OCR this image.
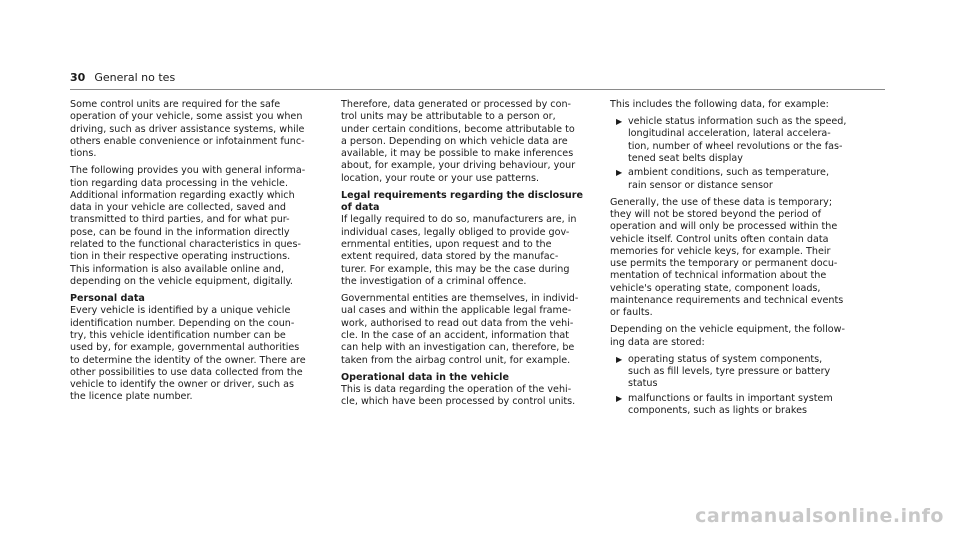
30 General no tes

Some control units are required for the safe
operation of your vehicle, some assist you when
driving, such as driver assistance systems, while
others enable convenience or infotainment func-
tions.

The following provides you with general informa-
tion regarding data processing in the vehicle.
Additional information regarding exactly which
data in your vehicle are collected, saved and
transmitted to third parties, and for what pur-
pose, can be found in the information directly
related to the functional characteristics in ques-
tion in their respective operating instructions.
This information is also available online and,
depending on the vehicle equipment, digitally.

Personal data

Every vehicle is identified by a unique vehicle
identification number. Depending on the coun-
try, this vehicle identification number can be
used by, for example, governmental authorities
to determine the identity of the owner. There are
other possibilities to use data collected from the
vehicle to identify the owner or driver, such as
the licence plate number.

Therefore, data generated or processed by con-
trol units may be attributable to a person or,
under certain conditions, become attributable to
a person. Depending on which vehicle data are
available, it may be possible to make inferences
about, for example, your driving behaviour, your
location, your route or your use patterns.

Legal requirements regarding the disclosure
of data

If legally required to do so, manufacturers are, in
individual cases, legally obliged to provide gov-
ernmental entities, upon request and to the
extent required, data stored by the manufac-
turer. For example, this may be the case during
the investigation of a criminal offence.

Governmental entities are themselves, in individ-
ual cases and within the applicable legal frame-
work, authorised to read out data from the vehi-
cle. In the case of an accident, information that
can help with an investigation can, therefore, be
taken from the airbag control unit, for example.

Operational data in the vehicle

This is data regarding the operation of the vehi-
cle, which have been processed by control units.

This includes the following data, for example:

▶ vehicle status information such as the speed,
longitudinal acceleration, lateral accelera-
tion, number of wheel revolutions or the fas-
tened seat belts display
▶ ambient conditions, such as temperature,
rain sensor or distance sensor

Generally, the use of these data is temporary;
they will not be stored beyond the period of
operation and will only be processed within the
vehicle itself. Control units often contain data
memories for vehicle keys, for example. Their
use permits the temporary or permanent docu-
mentation of technical information about the
vehicle's operating state, component loads,
maintenance requirements and technical events
or faults.

Depending on the vehicle equipment, the follow-
ing data are stored:

▶ operating status of system components,
such as fill levels, tyre pressure or battery
status
▶ malfunctions or faults in important system
components, such as lights or brakes
carmanualsonline.info
